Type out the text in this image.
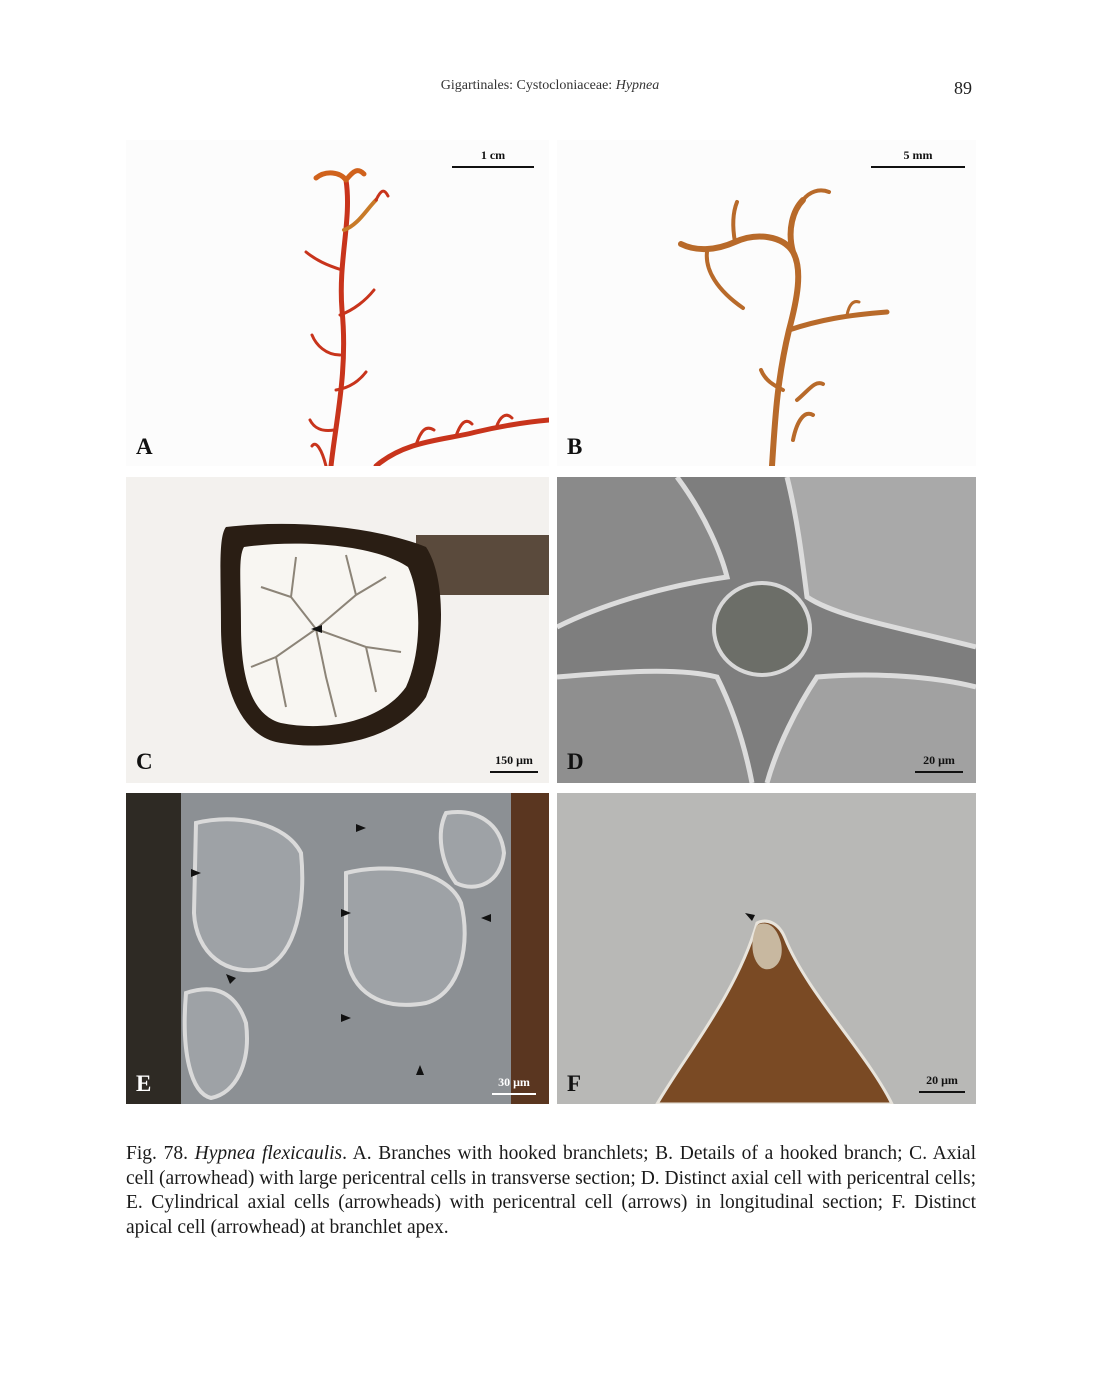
Gigartinales: Cystocloniaceae: Hypnea	89
A
1 cm
B
5 mm
C	150 μm D	20 μm
E	30 μm F	20 μm
Fig. 78. Hypnea flexicaulis. A. Branches with hooked branchlets; B. Details of a hooked branch; C. Axial cell (arrowhead) with large pericentral cells in transverse section; D. Distinct axial cell with pericentral cells; E. Cylindrical axial cells (arrowheads) with pericentral cell (arrows) in longitudinal section; F. Distinct apical cell (arrowhead) at branchlet apex.
